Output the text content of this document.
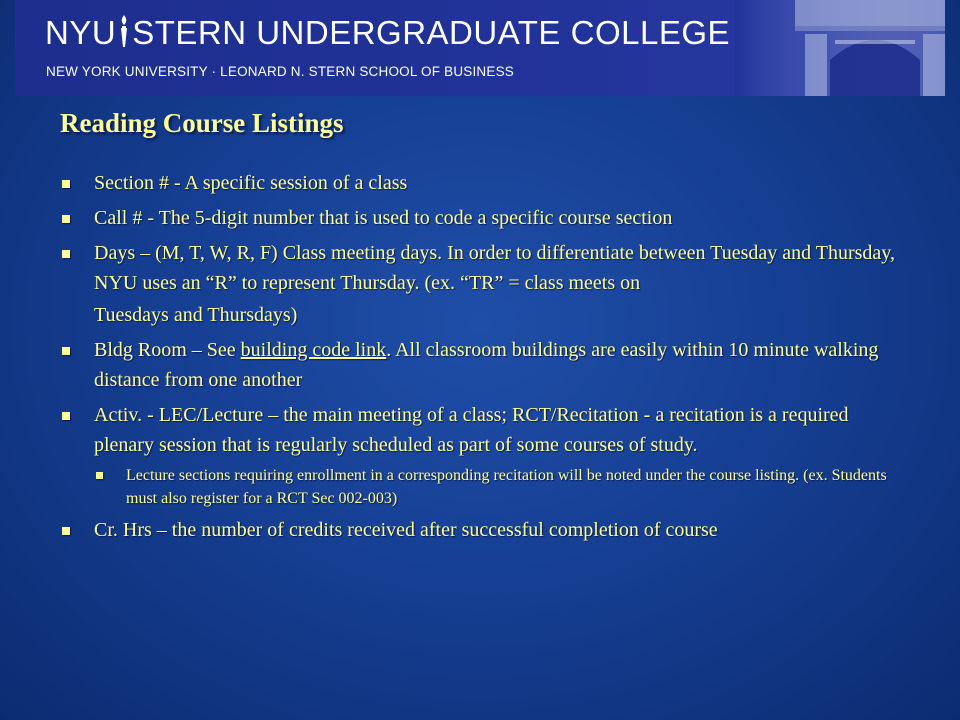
NYU STERN UNDERGRADUATE COLLEGE
NEW YORK UNIVERSITY · LEONARD N. STERN SCHOOL OF BUSINESS
Reading Course Listings
Section # - A specific session of a class
Call # - The 5-digit number that is used to code a specific course section
Days – (M, T, W, R, F) Class meeting days. In order to differentiate between Tuesday and Thursday, NYU uses an “R” to represent Thursday. (ex. “TR” = class meets on
Tuesdays and Thursdays)
Bldg Room – See building code link. All classroom buildings are easily within 10 minute walking distance from one another
Activ. - LEC/Lecture – the main meeting of a class; RCT/Recitation - a recitation is a required plenary session that is regularly scheduled as part of some courses of study.
Lecture sections requiring enrollment in a corresponding recitation will be noted under the course listing. (ex. Students must also register for a RCT Sec 002-003)
Cr. Hrs – the number of credits received after successful completion of course
